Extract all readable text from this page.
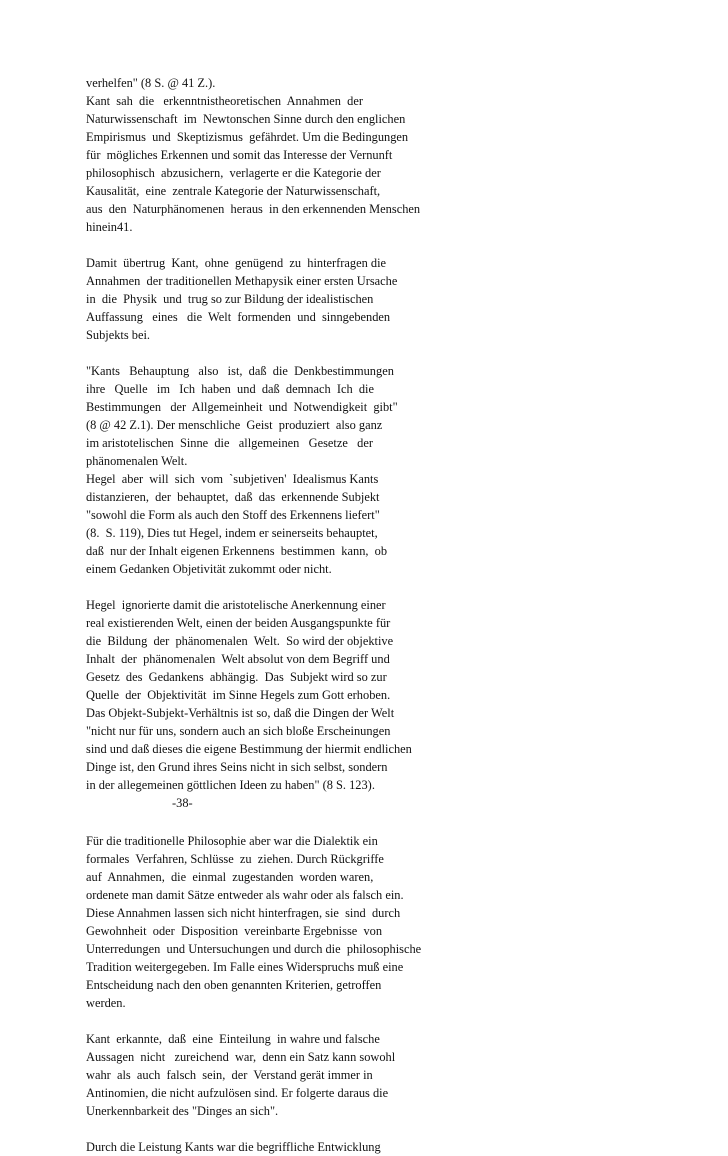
verhelfen" (8 S. @ 41 Z.).
Kant  sah  die   erkenntnistheoretischen  Annahmen  der
Naturwissenschaft  im  Newtonschen Sinne durch den englichen
Empirismus  und  Skeptizismus  gefährdet. Um die Bedingungen
für  mögliches Erkennen und somit das Interesse der Vernunft
philosophisch  abzusichern,  verlagerte er die Kategorie der
Kausalität,  eine  zentrale Kategorie der Naturwissenschaft,
aus  den  Naturphänomenen  heraus  in den erkennenden Menschen
hinein41.
Damit  übertrug  Kant,  ohne  genügend  zu  hinterfragen die
Annahmen  der traditionellen Methapysik einer ersten Ursache
in  die  Physik  und  trug so zur Bildung der idealistischen
Auffassung   eines   die  Welt  formenden  und  sinngebenden
Subjekts bei.
"Kants   Behauptung   also   ist,  daß  die  Denkbestimmungen
ihre   Quelle   im   Ich  haben  und  daß  demnach  Ich  die
Bestimmungen   der  Allgemeinheit  und  Notwendigkeit  gibt"
(8 @ 42 Z.1). Der menschliche  Geist  produziert  also ganz
im aristotelischen  Sinne  die   allgemeinen   Gesetze   der
phänomenalen Welt.
Hegel  aber  will  sich  vom  `subjetiven'  Idealismus Kants
distanzieren,  der  behauptet,  daß  das  erkennende Subjekt
"sowohl die Form als auch den Stoff des Erkennens liefert"
(8.  S. 119), Dies tut Hegel, indem er seinerseits behauptet,
daß  nur der Inhalt eigenen Erkennens  bestimmen  kann,  ob
einem Gedanken Objetivität zukommt oder nicht.
Hegel  ignorierte damit die aristotelische Anerkennung einer
real existierenden Welt, einen der beiden Ausgangspunkte für
die  Bildung  der  phänomenalen  Welt.  So wird der objektive
Inhalt  der  phänomenalen  Welt absolut von dem Begriff und
Gesetz  des  Gedankens  abhängig.  Das  Subjekt wird so zur
Quelle  der  Objektivität  im Sinne Hegels zum Gott erhoben.
Das Objekt-Subjekt-Verhältnis ist so, daß die Dingen der Welt
"nicht nur für uns, sondern auch an sich bloße Erscheinungen
sind und daß dieses die eigene Bestimmung der hiermit endlichen
Dinge ist, den Grund ihres Seins nicht in sich selbst, sondern
in der allegemeinen göttlichen Ideen zu haben" (8 S. 123).
-38-
Für die traditionelle Philosophie aber war die Dialektik ein
formales  Verfahren, Schlüsse  zu  ziehen. Durch Rückgriffe
auf  Annahmen,  die  einmal  zugestanden  worden waren,
ordenete man damit Sätze entweder als wahr oder als falsch ein.
Diese Annahmen lassen sich nicht hinterfragen, sie  sind  durch
Gewohnheit  oder  Disposition  vereinbarte Ergebnisse  von
Unterredungen  und Untersuchungen und durch die  philosophische
Tradition weitergegeben. Im Falle eines Widerspruchs muß eine
Entscheidung nach den oben genannten Kriterien, getroffen
werden.
Kant  erkannte,  daß  eine  Einteilung  in wahre und falsche
Aussagen  nicht   zureichend  war,  denn ein Satz kann sowohl
wahr  als  auch  falsch  sein,  der  Verstand gerät immer in
Antinomien, die nicht aufzulösen sind. Er folgerte daraus die
Unerkennbarkeit des "Dinges an sich".
Durch die Leistung Kants war die begriffliche Entwicklung
